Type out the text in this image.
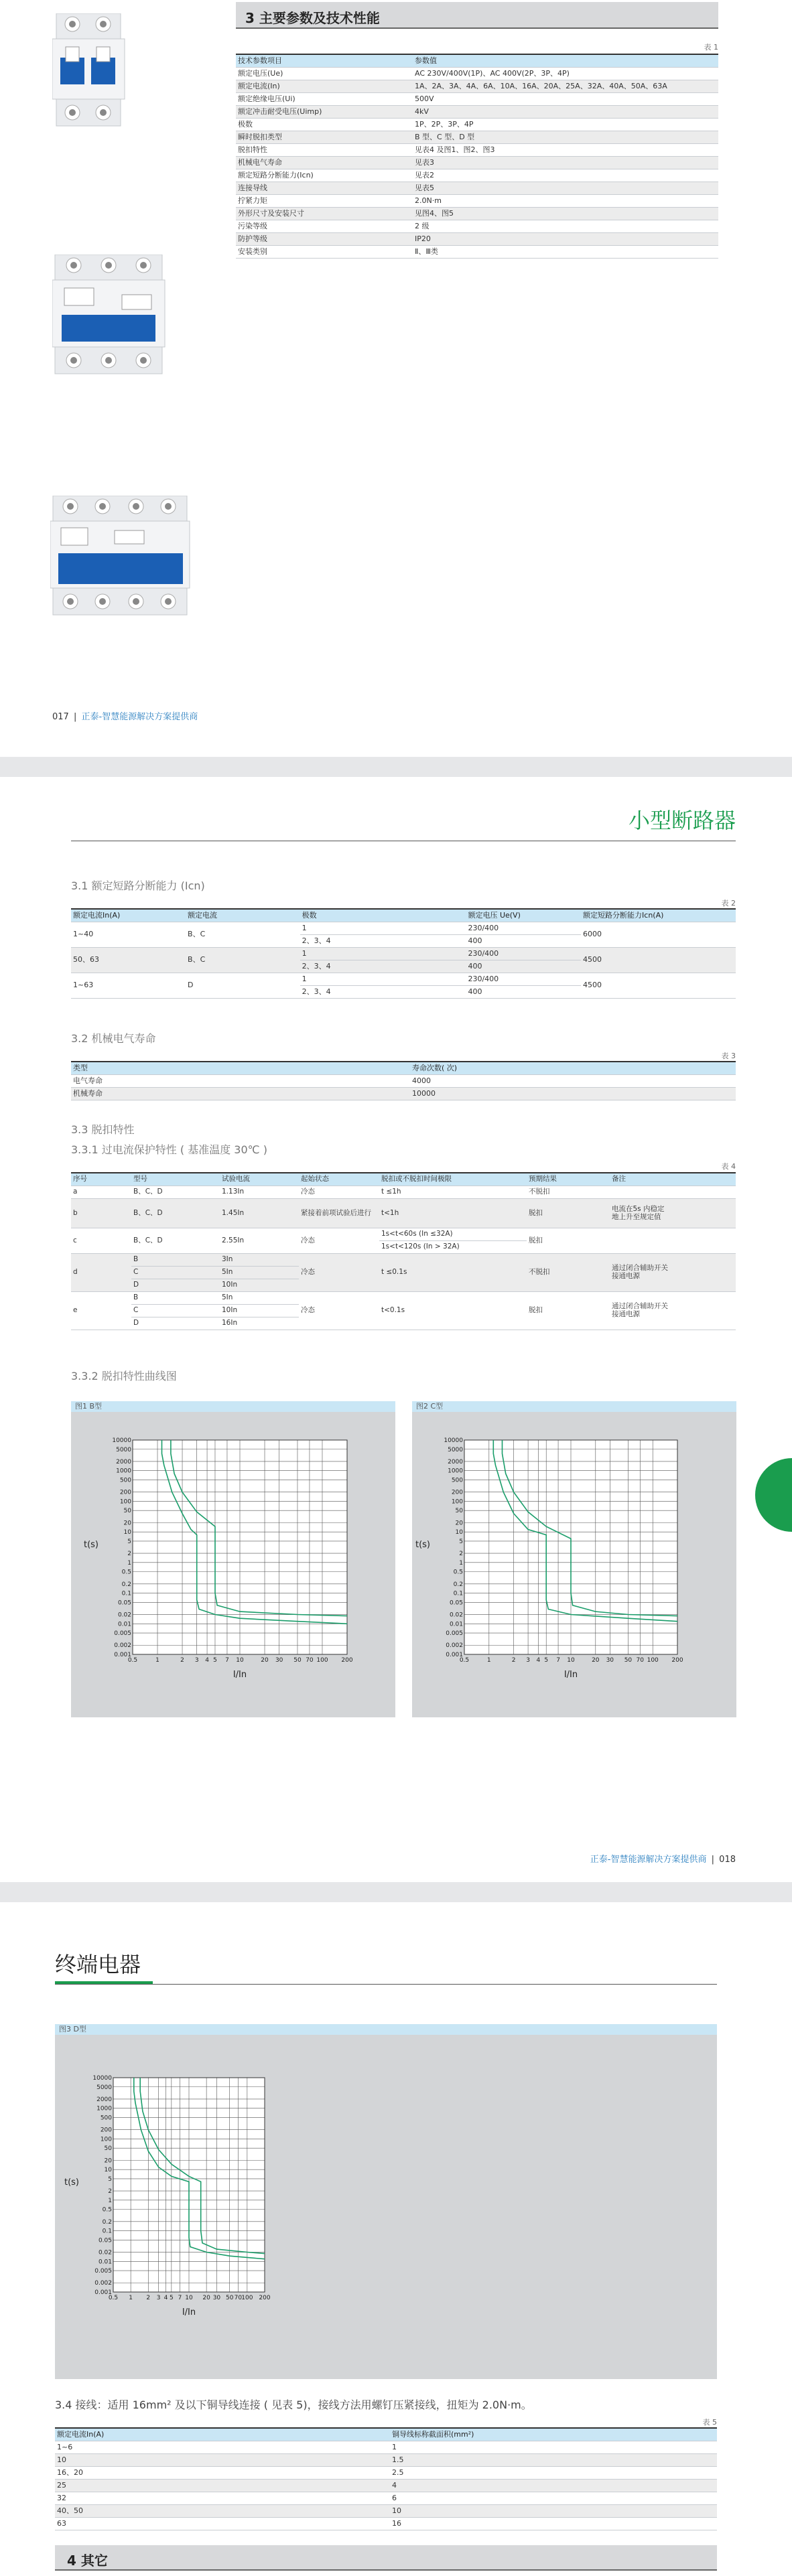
3 主要参数及技术性能
表 1
技术参数项目	参数值
额定电压(Ue)	AC 230V/400V(1P)、AC 400V(2P、3P、4P)
额定电流(In)	1A、2A、3A、4A、6A、10A、16A、20A、25A、32A、40A、50A、63A
额定绝缘电压(Ui)	500V
额定冲击耐受电压(Uimp)	4kV
极数	1P、2P、3P、4P
瞬时脱扣类型	B 型、C 型、D 型
脱扣特性	见表4 及图1、图2、图3
机械电气寿命	见表3
额定短路分断能力(Icn)	见表2
连接导线	见表5
拧紧力矩	2.0N·m
外形尺寸及安装尺寸	见图4、图5
污染等级	2 级
防护等级	IP20
安装类别	Ⅱ、Ⅲ类
017 | 正泰-智慧能源解决方案提供商
小型断路器
3.1 额定短路分断能力 (Icn)
表 2
额定电流In(A)	额定电流	极数	额定电压 Ue(V)	额定短路分断能力Icn(A)
1~40	B、C	1	230/400	6000
		2、3、4	400	
50、63	B、C	1	230/400	4500
		2、3、4	400	
1~63	D	1	230/400	4500
		2、3、4	400	
3.2 机械电气寿命
表 3
类型	寿命次数( 次)
电气寿命	4000
机械寿命	10000
3.3 脱扣特性
3.3.1 过电流保护特性 ( 基准温度 30℃ )
表 4
序号	型号	试验电流	起始状态	脱扣或不脱扣时间极限	预期结果	备注
a	B、C、D	1.13In	冷态	t ≤1h	不脱扣	
b	B、C、D	1.45In	紧接着前项试验后进行	t<1h	脱扣	电流在5s 内稳定
地上升至规定值
c	B、C、D	2.55In	冷态	1s<t<60s (In ≤32A)	脱扣	
				1s<t<120s (In > 32A)		
d	B	3In	冷态	t ≤0.1s	不脱扣	通过闭合辅助开关
接通电源
	C	5In				
	D	10In				
e	B	5In	冷态	t<0.1s	脱扣	通过闭合辅助开关
接通电源
	C	10In				
	D	16In				
3.3.2 脱扣特性曲线图
图1 B型
0.5	1	2 3 4 5 7 10	20 30 50 70 100 200
0.001
0.002
0.005
0.01
0.02
0.05
0.1
0.2
0.5
1
2
5
10
20
50
100
200
500
1000
2000
5000
10000
I/In
t(s)
图2 C型
0.5	1	2 3 4 5 7 10	20 30 50 70 100 200
0.001
0.002
0.005
0.01
0.02
0.05
0.1
0.2
0.5
1
2
5
10
20
50
100
200
500
1000
2000
5000
10000
I/In
t(s)
正泰-智慧能源解决方案提供商 | 018
终端电器
图3 D型
0.5 1 2 3 4 5 7 10 20 30 50 70 100 200
0.001
0.002
0.005
0.01
0.02
0.05
0.1
0.2
0.5
1
2
5
10
20
50
100
200
500
1000
2000
5000
10000
I/In
t(s)
3.4 接线：适用 16mm² 及以下铜导线连接 ( 见表 5)，接线方法用螺钉压紧接线，扭矩为 2.0N·m。
表 5
额定电流In(A)	铜导线标称截面积(mm²)
1~6	1
10	1.5
16、20	2.5
25	4
32	6
40、50	10
63	16
4 其它
